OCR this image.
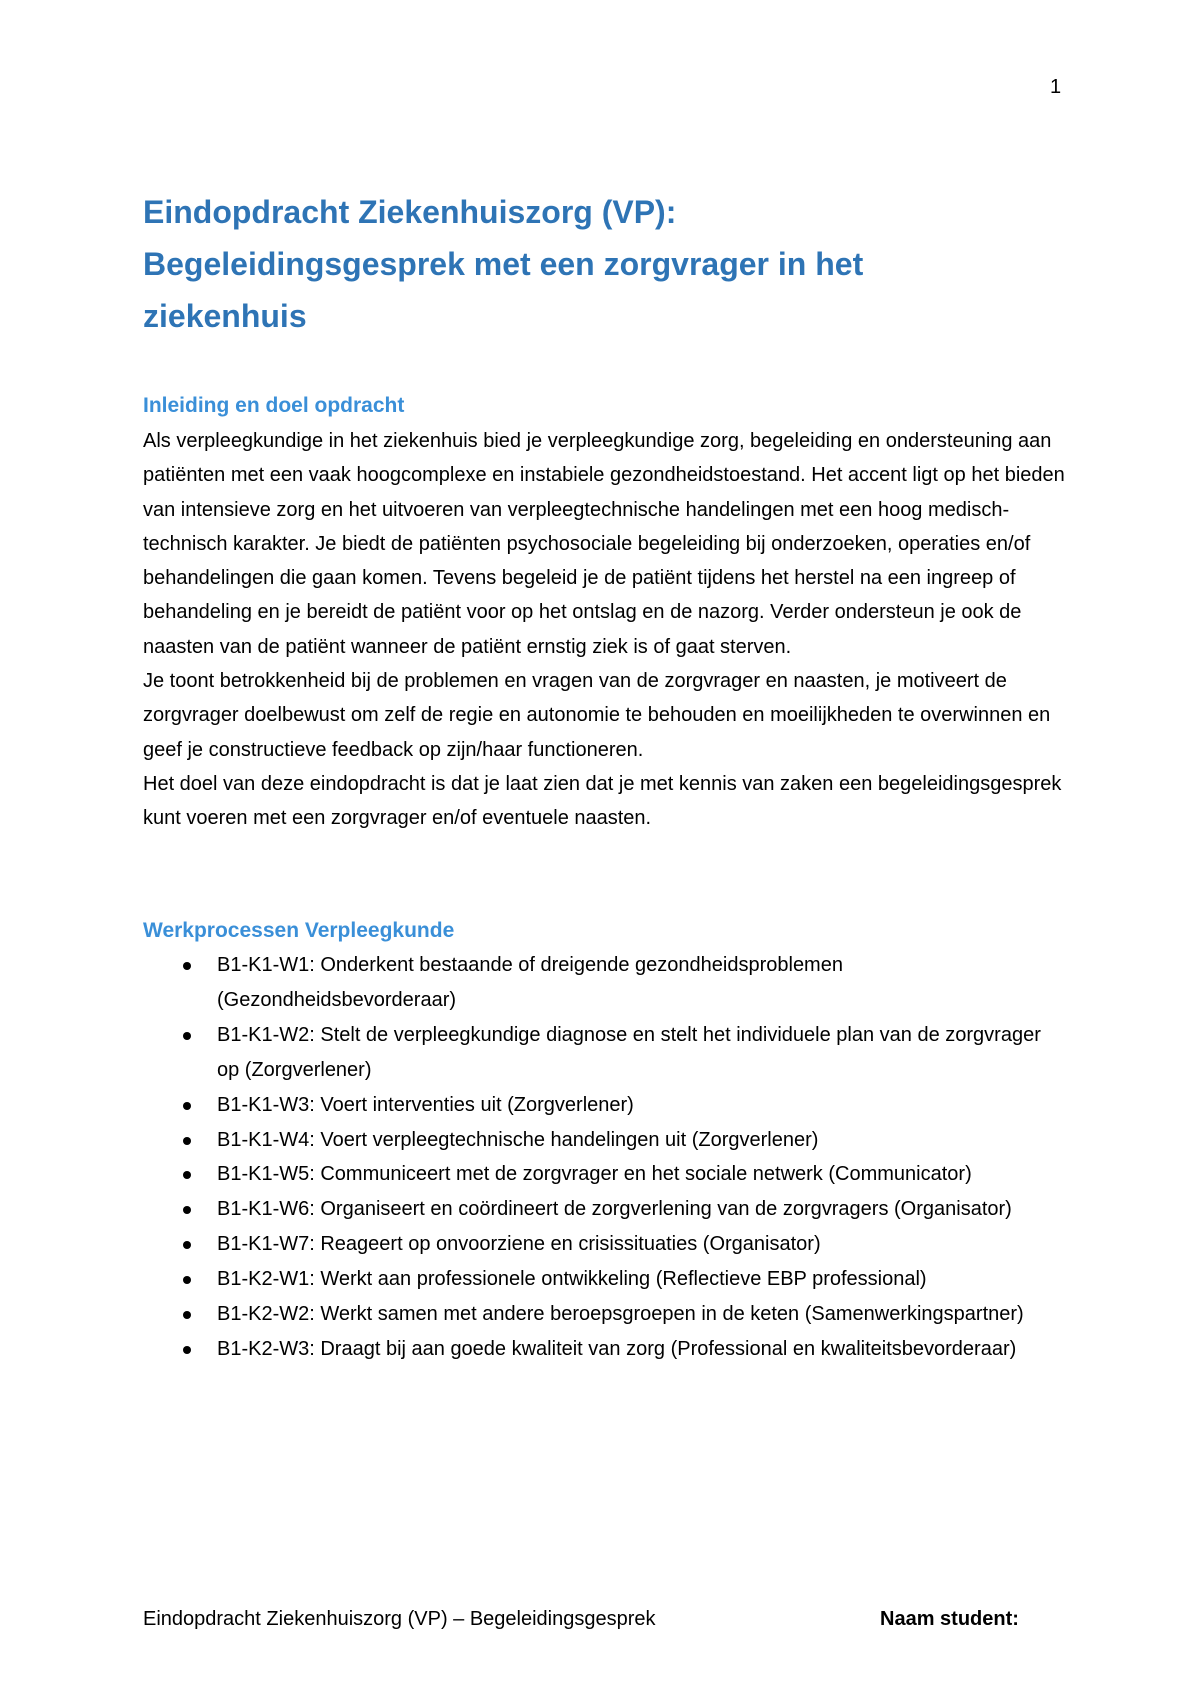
1
Eindopdracht Ziekenhuiszorg (VP):
Begeleidingsgesprek met een zorgvrager in het
ziekenhuis
Inleiding en doel opdracht

Als verpleegkundige in het ziekenhuis bied je verpleegkundige zorg, begeleiding en ondersteuning aan patiënten met een vaak hoogcomplexe en instabiele gezondheidstoestand. Het accent ligt op het bieden van intensieve zorg en het uitvoeren van verpleegtechnische handelingen met een hoog medisch-technisch karakter. Je biedt de patiënten psychosociale begeleiding bij onderzoeken, operaties en/of behandelingen die gaan komen. Tevens begeleid je de patiënt tijdens het herstel na een ingreep of behandeling en je bereidt de patiënt voor op het ontslag en de nazorg. Verder ondersteun je ook de naasten van de patiënt wanneer de patiënt ernstig ziek is of gaat sterven.

Je toont betrokkenheid bij de problemen en vragen van de zorgvrager en naasten, je motiveert de zorgvrager doelbewust om zelf de regie en autonomie te behouden en moeilijkheden te overwinnen en geef je constructieve feedback op zijn/haar functioneren.

Het doel van deze eindopdracht is dat je laat zien dat je met kennis van zaken een begeleidingsgesprek kunt voeren met een zorgvrager en/of eventuele naasten.

Werkprocessen Verpleegkunde
B1-K1-W1: Onderkent bestaande of dreigende gezondheidsproblemen (Gezondheidsbevorderaar)
B1-K1-W2: Stelt de verpleegkundige diagnose en stelt het individuele plan van de zorgvrager op (Zorgverlener)
B1-K1-W3: Voert interventies uit (Zorgverlener)
B1-K1-W4: Voert verpleegtechnische handelingen uit (Zorgverlener)
B1-K1-W5: Communiceert met de zorgvrager en het sociale netwerk (Communicator)
B1-K1-W6: Organiseert en coördineert de zorgverlening van de zorgvragers (Organisator)
B1-K1-W7: Reageert op onvoorziene en crisissituaties (Organisator)
B1-K2-W1: Werkt aan professionele ontwikkeling (Reflectieve EBP professional)
B1-K2-W2: Werkt samen met andere beroepsgroepen in de keten (Samenwerkingspartner)
B1-K2-W3: Draagt bij aan goede kwaliteit van zorg (Professional en kwaliteitsbevorderaar)
Eindopdracht Ziekenhuiszorg (VP) – Begeleidingsgesprek	Naam student:
